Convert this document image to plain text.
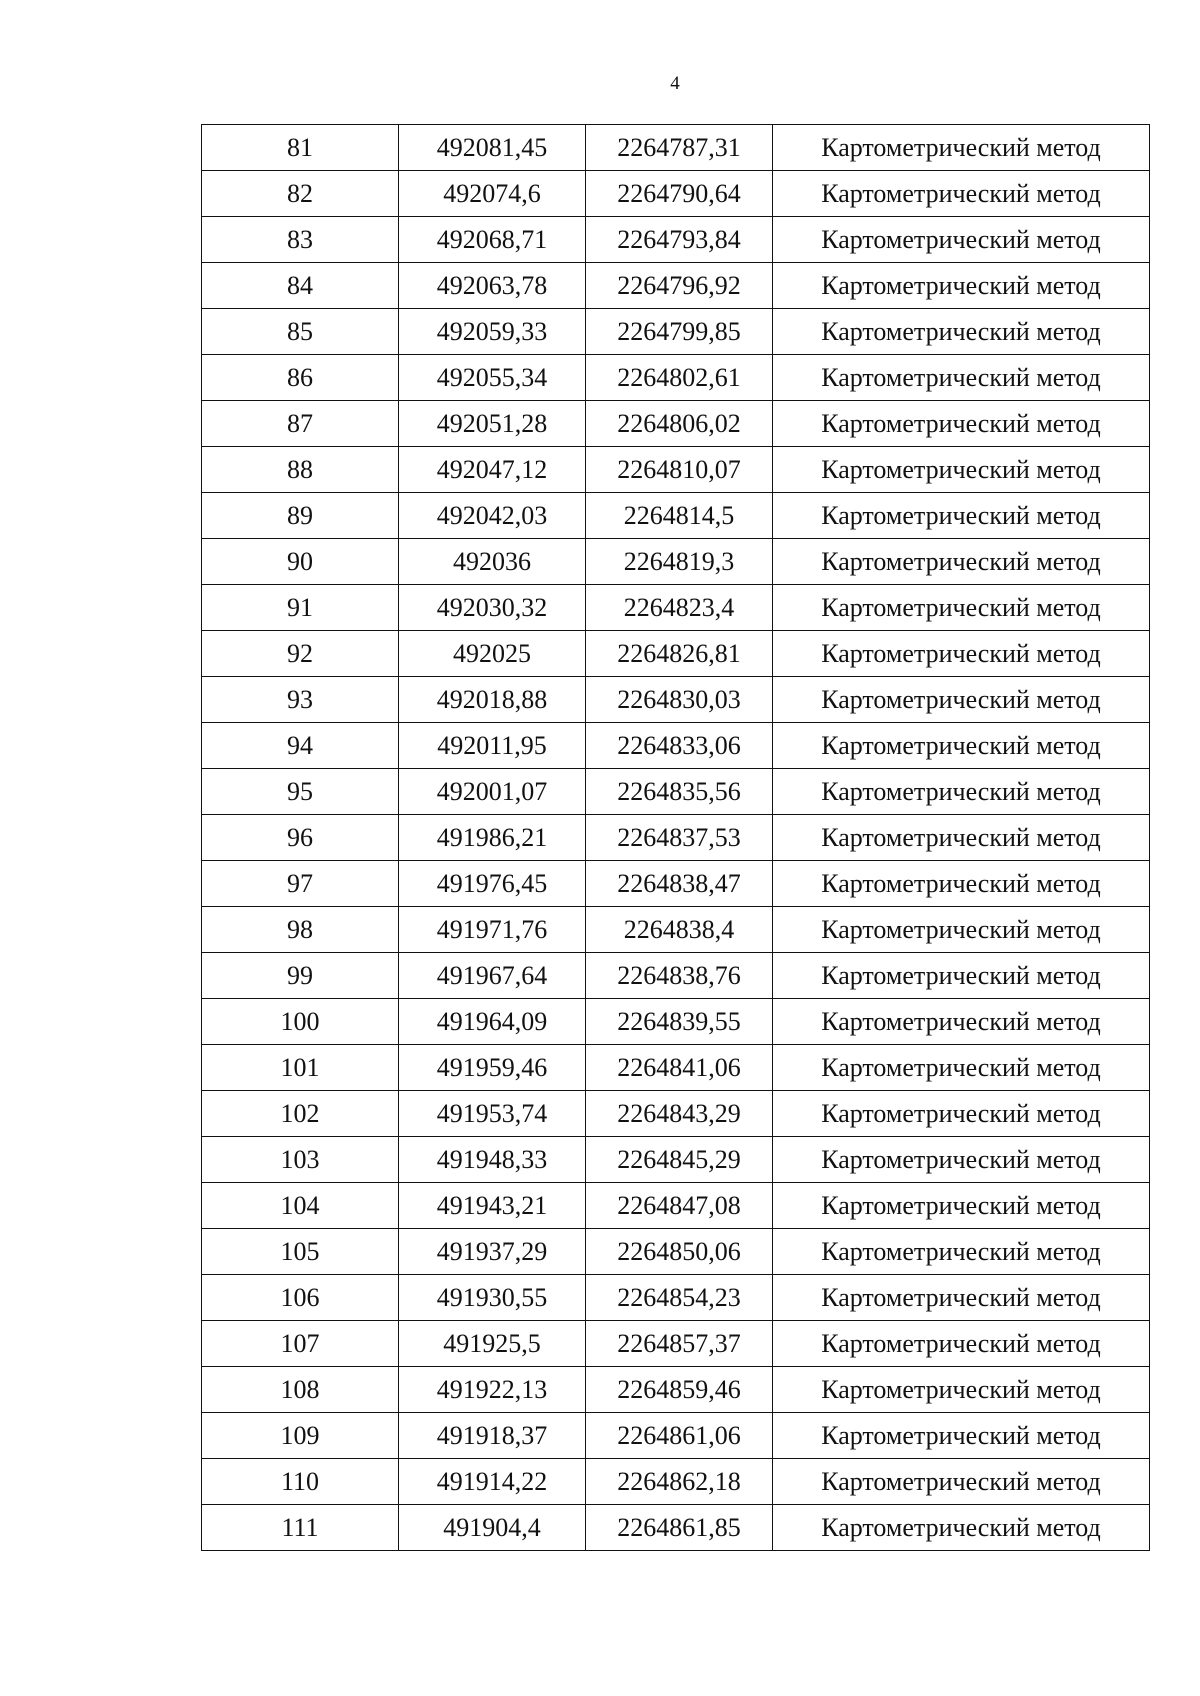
4
81	492081,45	2264787,31	Картометрический метод
82	492074,6	2264790,64	Картометрический метод
83	492068,71	2264793,84	Картометрический метод
84	492063,78	2264796,92	Картометрический метод
85	492059,33	2264799,85	Картометрический метод
86	492055,34	2264802,61	Картометрический метод
87	492051,28	2264806,02	Картометрический метод
88	492047,12	2264810,07	Картометрический метод
89	492042,03	2264814,5	Картометрический метод
90	492036	2264819,3	Картометрический метод
91	492030,32	2264823,4	Картометрический метод
92	492025	2264826,81	Картометрический метод
93	492018,88	2264830,03	Картометрический метод
94	492011,95	2264833,06	Картометрический метод
95	492001,07	2264835,56	Картометрический метод
96	491986,21	2264837,53	Картометрический метод
97	491976,45	2264838,47	Картометрический метод
98	491971,76	2264838,4	Картометрический метод
99	491967,64	2264838,76	Картометрический метод
100	491964,09	2264839,55	Картометрический метод
101	491959,46	2264841,06	Картометрический метод
102	491953,74	2264843,29	Картометрический метод
103	491948,33	2264845,29	Картометрический метод
104	491943,21	2264847,08	Картометрический метод
105	491937,29	2264850,06	Картометрический метод
106	491930,55	2264854,23	Картометрический метод
107	491925,5	2264857,37	Картометрический метод
108	491922,13	2264859,46	Картометрический метод
109	491918,37	2264861,06	Картометрический метод
110	491914,22	2264862,18	Картометрический метод
111	491904,4	2264861,85	Картометрический метод
